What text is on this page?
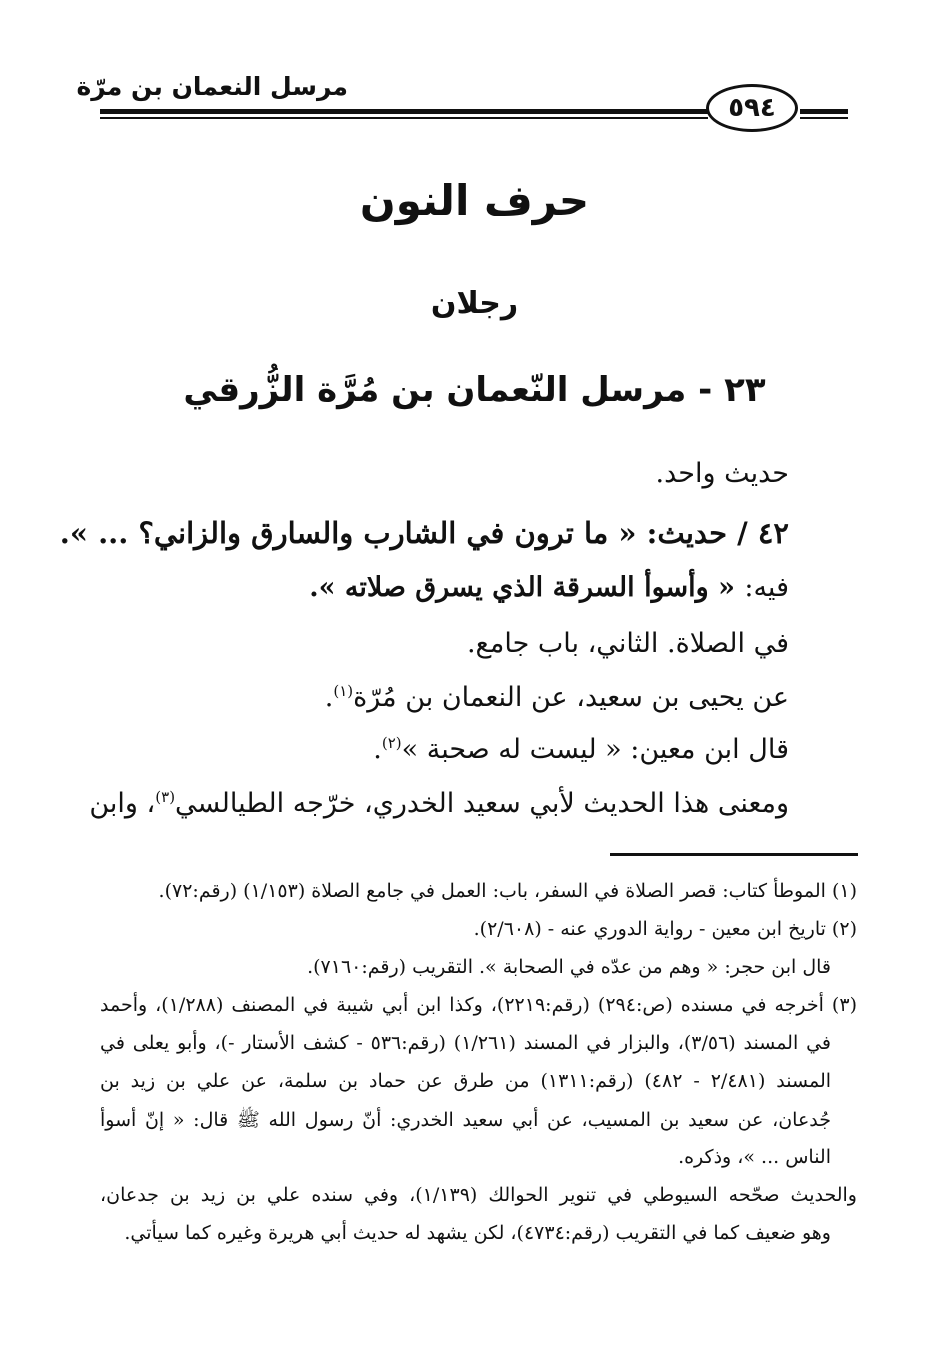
مرسل النعمان بن مرّة
٥٩٤
حرف النون
رجلان
٢٣ - مرسل النّعمان بن مُرَّة الزُّرقي
حديث واحد.
٤٢ / حديث: « ما ترون في الشارب والسارق والزاني؟ ... ».
فيه: « وأسوأ السرقة الذي يسرق صلاته ».
في الصلاة. الثاني، باب جامع.
عن يحيى بن سعيد، عن النعمان بن مُرّة$^{(١)}$.
قال ابن معين: « ليست له صحبة »$^{(٢)}$.
ومعنى هذا الحديث لأبي سعيد الخدري، خرّجه الطيالسي$^{(٣)}$، وابن
(١) الموطأ كتاب: قصر الصلاة في السفر، باب: العمل في جامع الصلاة (١/١٥٣) (رقم:٧٢).
(٢) تاريخ ابن معين - رواية الدوري عنه - (٢/٦٠٨).
قال ابن حجر: « وهم من عدّه في الصحابة ». التقريب (رقم:٧١٦٠).
(٣) أخرجه في مسنده (ص:٢٩٤) (رقم:٢٢١٩)، وكذا ابن أبي شيبة في المصنف (١/٢٨٨)، وأحمد
في المسند (٣/٥٦)، والبزار في المسند (١/٢٦١) (رقم:٥٣٦ - كشف الأستار -)، وأبو يعلى في
المسند (٢/٤٨١ - ٤٨٢) (رقم:١٣١١) من طرق عن حماد بن سلمة، عن علي بن زيد بن
جُدعان، عن سعيد بن المسيب، عن أبي سعيد الخدري: أنّ رسول الله ﷺ قال: « إنّ أسوأ
الناس ... »، وذكره.
والحديث صحّحه السيوطي في تنوير الحوالك (١/١٣٩)، وفي سنده علي بن زيد بن جدعان،
وهو ضعيف كما في التقريب (رقم:٤٧٣٤)، لكن يشهد له حديث أبي هريرة وغيره كما سيأتي.
